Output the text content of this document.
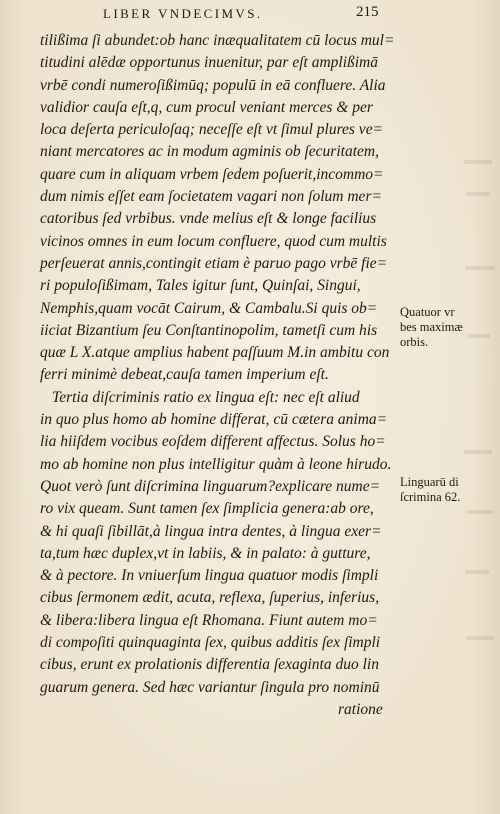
LIBER VNDECIMVS.	215
tilißima ſi abundet:ob hanc inæqualitatem cū locus mul=
titudini alēdæ opportunus inuenitur, par eſt amplißimā
vrbē condi numeroſißimūq; populū in eā confluere. Alia
validior cauſa eſt,q, cum procul veniant merces & per
loca deſerta periculoſaq; neceſſe eſt vt ſimul plures ve=
niant mercatores ac in modum agminis ob ſecuritatem,
quare cum in aliquam vrbem ſedem poſuerit,incommo=
dum nimis eſſet eam ſocietatem vagari non ſolum mer=
catoribus ſed vrbibus. vnde melius eſt & longe facilius
vicinos omnes in eum locum confluere, quod cum multis
perſeuerat annis,contingit etiam è paruo pago vrbē fie=
ri populoſißimam, Tales igitur ſunt, Quinſai, Singui,
Nemphis,quam vocāt Cairum, & Cambalu.Si quis ob=
iiciat Bizantium ſeu Conſtantinopolim, tametſi cum his
quæ L X.atque amplius habent paſſuum M.in ambitu con
ferri minimè debeat,cauſa tamen imperium eſt.
Tertia diſcriminis ratio ex lingua eſt: nec eſt aliud
in quo plus homo ab homine differat, cū cætera anima=
lia hiiſdem vocibus eoſdem different affectus. Solus ho=
mo ab homine non plus intelligitur quàm à leone hirudo.
Quot verò ſunt diſcrimina linguarum?explicare nume=
ro vix queam. Sunt tamen ſex ſimplicia genera:ab ore,
& hi quaſi ſibillāt,à lingua intra dentes, à lingua exer=
ta,tum hæc duplex,vt in labiis, & in palato: à gutture,
& à pectore. In vniuerſum lingua quatuor modis ſimpli
cibus ſermonem ædit, acuta, reflexa, ſuperius, inferius,
& libera:libera lingua eſt Rhomana. Fiunt autem mo=
di compoſiti quinquaginta ſex, quibus additis ſex ſimpli
cibus, erunt ex prolationis differentia ſexaginta duo lin
guarum genera. Sed hæc variantur ſingula pro nominū
ratione
Quatuor vr
bes maximæ
orbis.
Linguarū di
ſcrimina 62.
